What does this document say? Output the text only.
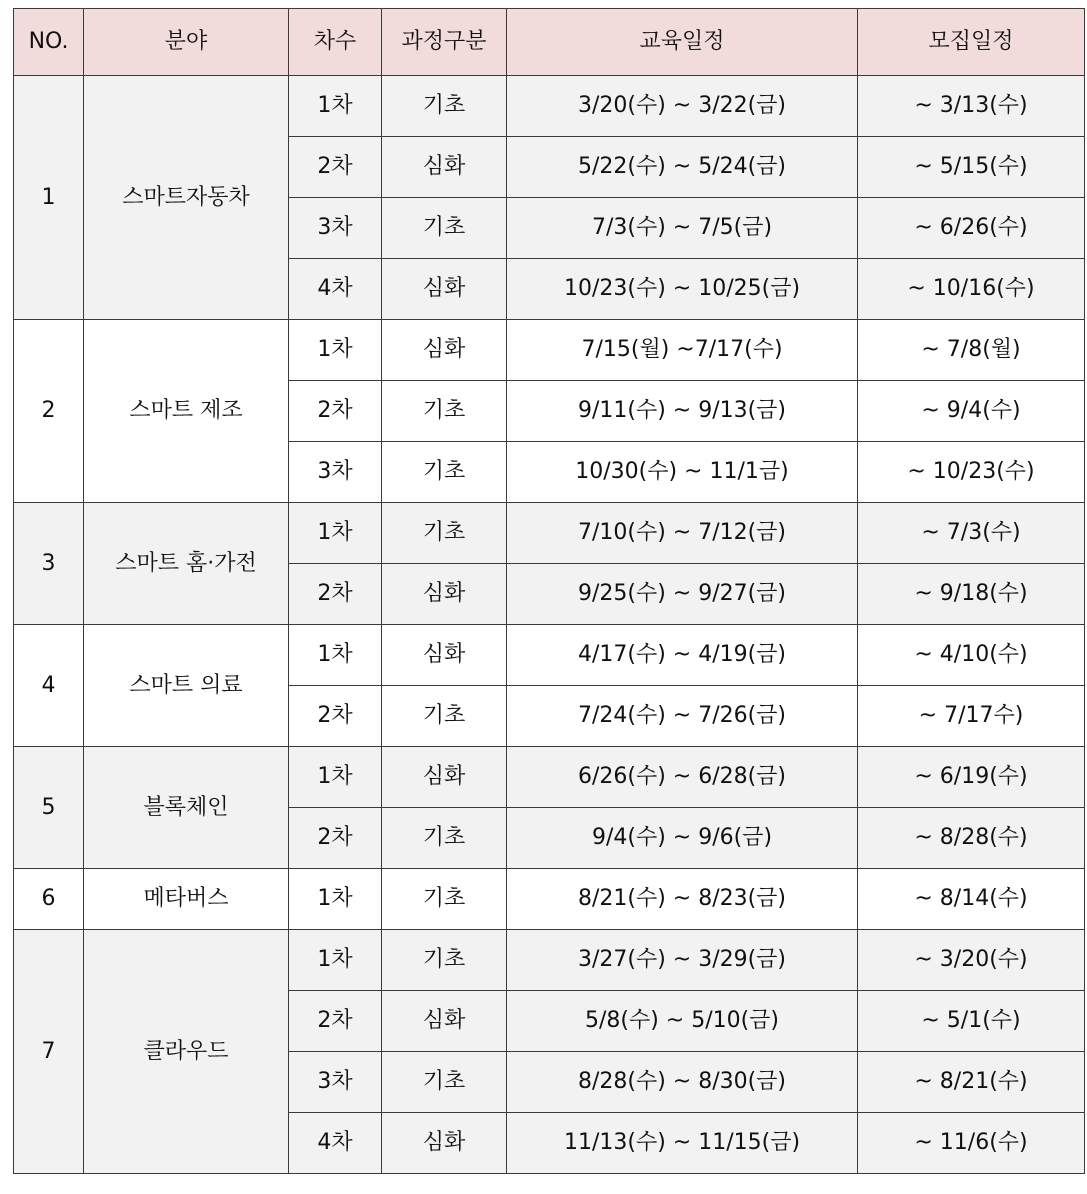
NO.	분야	차수	과정구분	교육일정	모집일정
1	스마트자동차	1차	기초	3/20(수) ~ 3/22(금)	~ 3/13(수)
		2차	심화	5/22(수) ~ 5/24(금)	~ 5/15(수)
		3차	기초	7/3(수) ~ 7/5(금)	~ 6/26(수)
		4차	심화	10/23(수) ~ 10/25(금)	~ 10/16(수)
2	스마트 제조	1차	심화	7/15(월) ~7/17(수)	~ 7/8(월)
		2차	기초	9/11(수) ~ 9/13(금)	~ 9/4(수)
		3차	기초	10/30(수) ~ 11/1금)	~ 10/23(수)
3	스마트 홈·가전	1차	기초	7/10(수) ~ 7/12(금)	~ 7/3(수)
		2차	심화	9/25(수) ~ 9/27(금)	~ 9/18(수)
4	스마트 의료	1차	심화	4/17(수) ~ 4/19(금)	~ 4/10(수)
		2차	기초	7/24(수) ~ 7/26(금)	~ 7/17수)
5	블록체인	1차	심화	6/26(수) ~ 6/28(금)	~ 6/19(수)
		2차	기초	9/4(수) ~ 9/6(금)	~ 8/28(수)
6	메타버스	1차	기초	8/21(수) ~ 8/23(금)	~ 8/14(수)
7	클라우드	1차	기초	3/27(수) ~ 3/29(금)	~ 3/20(수)
		2차	심화	5/8(수) ~ 5/10(금)	~ 5/1(수)
		3차	기초	8/28(수) ~ 8/30(금)	~ 8/21(수)
		4차	심화	11/13(수) ~ 11/15(금)	~ 11/6(수)
